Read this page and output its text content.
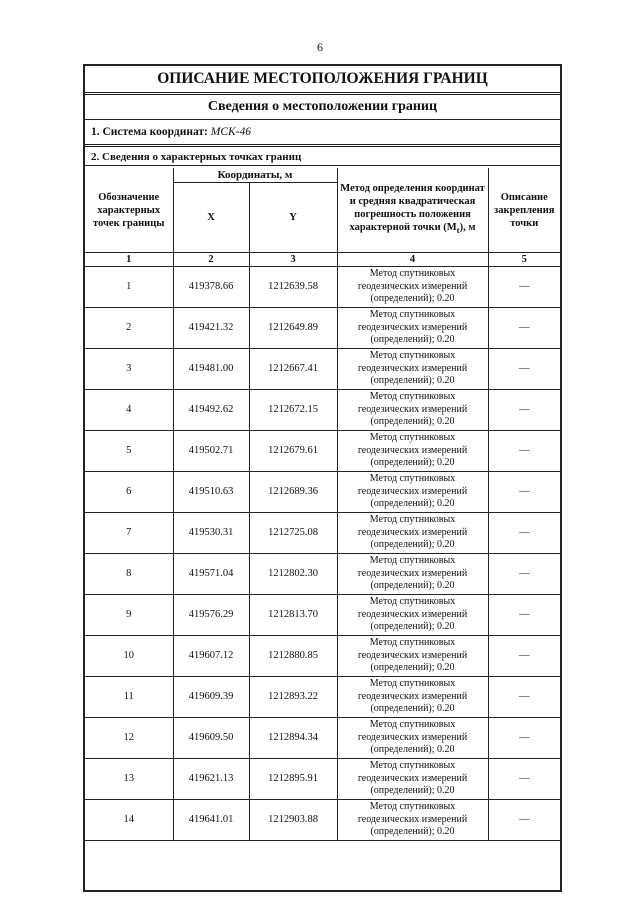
6
ОПИСАНИЕ МЕСТОПОЛОЖЕНИЯ ГРАНИЦ
Сведения о местоположении границ
1. Система координат: МСК-46
2. Сведения о характерных точках границ
Обозначение характерных точек границы	Координаты, м		Метод определения координат и средняя квадратическая погрешность положения характерной точки $(M_t)$, м	Описание закрепления точки
	X	Y		
1	2	3	4	5
1	419378.66	1212639.58	Метод спутниковых геодезических измерений (определений); 0.20	—
2	419421.32	1212649.89	Метод спутниковых геодезических измерений (определений); 0.20	—
3	419481.00	1212667.41	Метод спутниковых геодезических измерений (определений); 0.20	—
4	419492.62	1212672.15	Метод спутниковых геодезических измерений (определений); 0.20	—
5	419502.71	1212679.61	Метод спутниковых геодезических измерений (определений); 0.20	—
6	419510.63	1212689.36	Метод спутниковых геодезических измерений (определений); 0.20	—
7	419530.31	1212725.08	Метод спутниковых геодезических измерений (определений); 0.20	—
8	419571.04	1212802.30	Метод спутниковых геодезических измерений (определений); 0.20	—
9	419576.29	1212813.70	Метод спутниковых геодезических измерений (определений); 0.20	—
10	419607.12	1212880.85	Метод спутниковых геодезических измерений (определений); 0.20	—
11	419609.39	1212893.22	Метод спутниковых геодезических измерений (определений); 0.20	—
12	419609.50	1212894.34	Метод спутниковых геодезических измерений (определений); 0.20	—
13	419621.13	1212895.91	Метод спутниковых геодезических измерений (определений); 0.20	—
14	419641.01	1212903.88	Метод спутниковых геодезических измерений (определений); 0.20	—
